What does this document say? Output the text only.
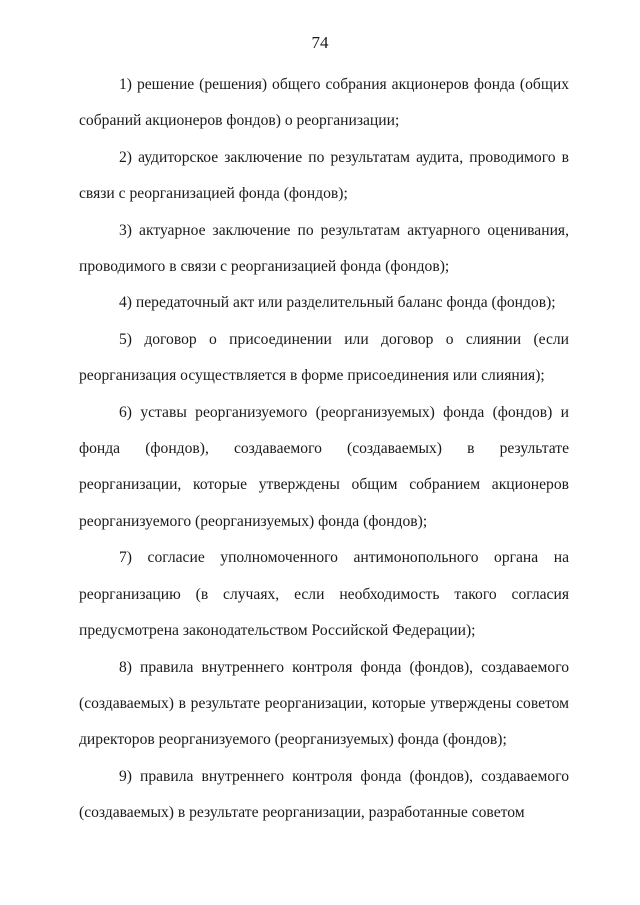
74

1) решение (решения) общего собрания акционеров фонда (общих собраний акционеров фондов) о реорганизации;

2) аудиторское заключение по результатам аудита, проводимого в связи с реорганизацией фонда (фондов);

3) актуарное заключение по результатам актуарного оценивания, проводимого в связи с реорганизацией фонда (фондов);

4) передаточный акт или разделительный баланс фонда (фондов);

5) договор о присоединении или договор о слиянии (если реорганизация осуществляется в форме присоединения или слияния);

6) уставы реорганизуемого (реорганизуемых) фонда (фондов) и фонда (фондов), создаваемого (создаваемых) в результате реорганизации, которые утверждены общим собранием акционеров реорганизуемого (реорганизуемых) фонда (фондов);

7) согласие уполномоченного антимонопольного органа на реорганизацию (в случаях, если необходимость такого согласия предусмотрена законодательством Российской Федерации);

8) правила внутреннего контроля фонда (фондов), создаваемого (создаваемых) в результате реорганизации, которые утверждены советом директоров реорганизуемого (реорганизуемых) фонда (фондов);

9) правила внутреннего контроля фонда (фондов), создаваемого (создаваемых) в результате реорганизации, разработанные советом
